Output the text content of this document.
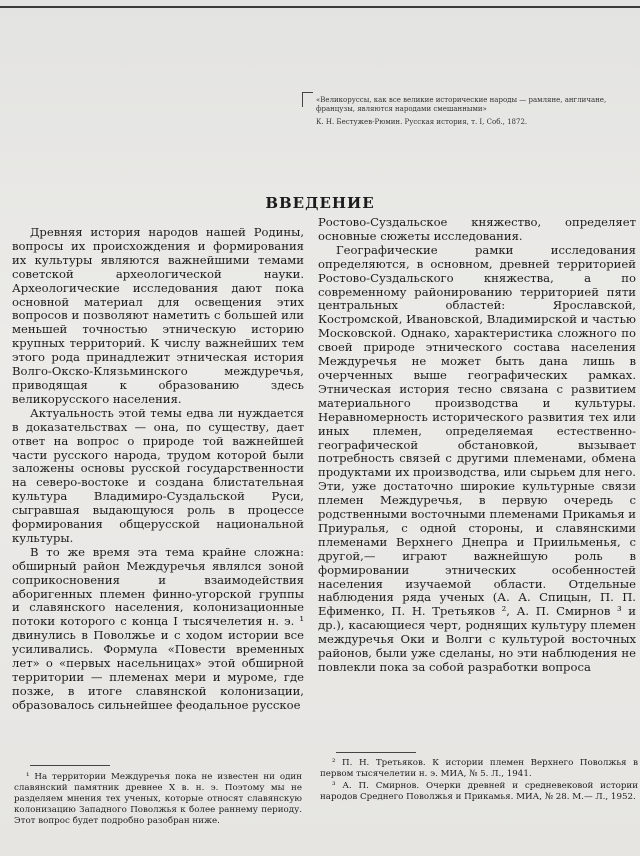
«Великоруссы, как все великие исторические народы — рамляне, англичане, французы, являются народами смешанными»

К. Н. Бестужев-Рюмин. Русская история, т. I, Соб., 1872.

ВВЕДЕНИЕ

Древняя история народов нашей Родины, вопросы их происхождения и формирования их культуры являются важнейшими темами советской археологической науки. Археологические исследования дают пока основной материал для освещения этих вопросов и позволяют наметить с большей или меньшей точностью этническую историю крупных территорий. К числу важнейших тем этого рода принадлежит этническая история Волго-Окско-Клязьминского междуречья, приводящая к образованию здесь великорусского населения.

Актуальность этой темы едва ли нуждается в доказательствах — она, по существу, дает ответ на вопрос о природе той важнейшей части русского народа, трудом которой были заложены основы русской государственности на северо-востоке и создана блистательная культура Владимиро-Суздальской Руси, сыгравшая выдающуюся роль в процессе формирования общерусской национальной культуры.

В то же время эта тема крайне сложна: обширный район Междуречья являлся зоной соприкосновения и взаимодействия аборигенных племен финно-угорской группы и славянского населения, колонизационные потоки которого с конца I тысячелетия н. э. ¹ двинулись в Поволжье и с ходом истории все усиливались. Формула «Повести временных лет» о «первых насельницах» этой обширной территории — племенах мери и муроме, где позже, в итоге славянской колонизации, образовалось сильнейшее феодальное русское

Ростово-Суздальское княжество, определяет основные сюжеты исследования.

Географические рамки исследования определяются, в основном, древней территорией Ростово-Суздальского княжества, а по современному районированию территорией пяти центральных областей: Ярославской, Костромской, Ивановской, Владимирской и частью Московской. Однако, характеристика сложного по своей природе этнического состава населения Междуречья не может быть дана лишь в очерченных выше географических рамках. Этническая история тесно связана с развитием материального производства и культуры. Неравномерность исторического развития тех или иных племен, определяемая естественно-географической обстановкой, вызывает потребность связей с другими племенами, обмена продуктами их производства, или сырьем для него. Эти, уже достаточно широкие культурные связи племен Междуречья, в первую очередь с родственными восточными племенами Прикамья и Приуралья, с одной стороны, и славянскими племенами Верхнего Днепра и Приильменья, с другой,— играют важнейшую роль в формировании этнических особенностей населения изучаемой области. Отдельные наблюдения ряда ученых (А. А. Спицын, П. П. Ефименко, П. Н. Третьяков ², А. П. Смирнов ³ и др.), касающиеся черт, роднящих культуру племен междуречья Оки и Волги с культурой восточных районов, были уже сделаны, но эти наблюдения не повлекли пока за собой разработки вопроса

¹ На территории Междуречья пока не известен ни один славянский памятник древнее X в. н. э. Поэтому мы не разделяем мнения тех ученых, которые относят славянскую колонизацию Западного Поволжья к более раннему периоду. Этот вопрос будет подробно разобран ниже.

² П. Н. Третьяков. К истории племен Верхнего Поволжья в первом тысячелетии н. э. МИА, № 5. Л., 1941.

³ А. П. Смирнов. Очерки древней и средневековой истории народов Среднего Поволжья и Прикамья. МИА, № 28. М.— Л., 1952.
